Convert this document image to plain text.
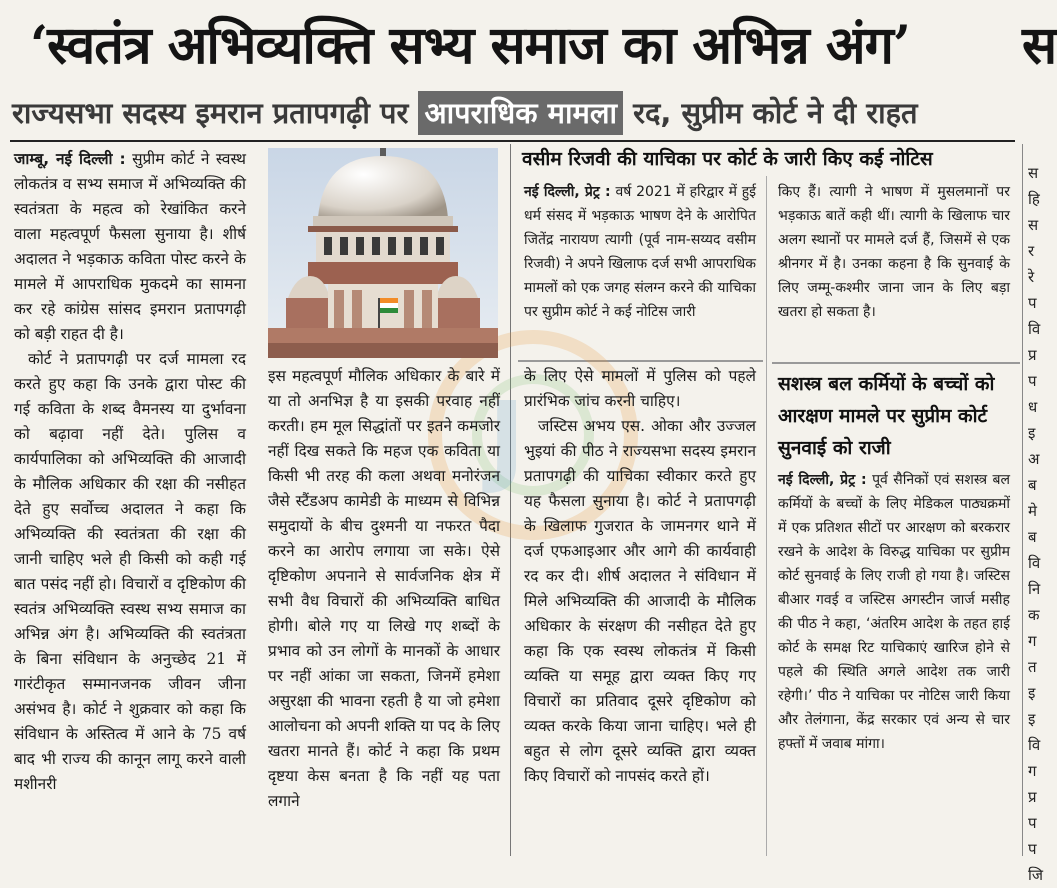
‘स्वतंत्र अभिव्यक्ति सभ्य समाज का अभिन्न अंग’	स
राज्यसभा सदस्य इमरान प्रतापगढ़ी पर आपराधिक मामला रद, सुप्रीम कोर्ट ने दी राहत
J

जाम्बू, नई दिल्ली : सुप्रीम कोर्ट ने स्वस्थ लोकतंत्र व सभ्य समाज में अभिव्यक्ति की स्वतंत्रता के महत्व को रेखांकित करने वाला महत्वपूर्ण फैसला सुनाया है। शीर्ष अदालत ने भड़काऊ कविता पोस्ट करने के मामले में आपराधिक मुकदमे का सामना कर रहे कांग्रेस सांसद इमरान प्रतापगढ़ी को बड़ी राहत दी है।

कोर्ट ने प्रतापगढ़ी पर दर्ज मामला रद करते हुए कहा कि उनके द्वारा पोस्ट की गई कविता के शब्द वैमनस्य या दुर्भावना को बढ़ावा नहीं देते। पुलिस व कार्यपालिका को अभिव्यक्ति की आजादी के मौलिक अधिकार की रक्षा की नसीहत देते हुए सर्वोच्च अदालत ने कहा कि अभिव्यक्ति की स्वतंत्रता की रक्षा की जानी चाहिए भले ही किसी को कही गई बात पसंद नहीं हो। विचारों व दृष्टिकोण की स्वतंत्र अभिव्यक्ति स्वस्थ सभ्य समाज का अभिन्न अंग है। अभिव्यक्ति की स्वतंत्रता के बिना संविधान के अनुच्छेद 21 में गारंटीकृत सम्मानजनक जीवन जीना असंभव है। कोर्ट ने शुक्रवार को कहा कि संविधान के अस्तित्व में आने के 75 वर्ष बाद भी राज्य की कानून लागू करने वाली मशीनरी

इस महत्वपूर्ण मौलिक अधिकार के बारे में या तो अनभिज्ञ है या इसकी परवाह नहीं करती। हम मूल सिद्धांतों पर इतने कमजोर नहीं दिख सकते कि महज एक कविता या किसी भी तरह की कला अथवा मनोरंजन जैसे स्टैंडअप कामेडी के माध्यम से विभिन्न समुदायों के बीच दुश्मनी या नफरत पैदा करने का आरोप लगाया जा सके। ऐसे दृष्टिकोण अपनाने से सार्वजनिक क्षेत्र में सभी वैध विचारों की अभिव्यक्ति बाधित होगी। बोले गए या लिखे गए शब्दों के प्रभाव को उन लोगों के मानकों के आधार पर नहीं आंका जा सकता, जिनमें हमेशा असुरक्षा की भावना रहती है या जो हमेशा आलोचना को अपनी शक्ति या पद के लिए खतरा मानते हैं। कोर्ट ने कहा कि प्रथम दृष्टया केस बनता है कि नहीं यह पता लगाने

के लिए ऐसे मामलों में पुलिस को पहले प्रारंभिक जांच करनी चाहिए।

जस्टिस अभय एस. ओका और उज्जल भुइयां की पीठ ने राज्यसभा सदस्य इमरान प्रतापगढ़ी की याचिका स्वीकार करते हुए यह फैसला सुनाया है। कोर्ट ने प्रतापगढ़ी के खिलाफ गुजरात के जामनगर थाने में दर्ज एफआइआर और आगे की कार्यवाही रद कर दी। शीर्ष अदालत ने संविधान में मिले अभिव्यक्ति की आजादी के मौलिक अधिकार के संरक्षण की नसीहत देते हुए कहा कि एक स्वस्थ लोकतंत्र में किसी व्यक्ति या समूह द्वारा व्यक्त किए गए विचारों का प्रतिवाद दूसरे दृष्टिकोण को व्यक्त करके किया जाना चाहिए। भले ही बहुत से लोग दूसरे व्यक्ति द्वारा व्यक्त किए विचारों को नापसंद करते हों।

वसीम रिजवी की याचिका पर कोर्ट के जारी किए कई नोटिस

नई दिल्ली, प्रेट्र : वर्ष 2021 में हरिद्वार में हुई धर्म संसद में भड़काऊ भाषण देने के आरोपित जितेंद्र नारायण त्यागी (पूर्व नाम-सय्यद वसीम रिजवी) ने अपने खिलाफ दर्ज सभी आपराधिक मामलों को एक जगह संलग्न करने की याचिका पर सुप्रीम कोर्ट ने कई नोटिस जारी

किए हैं। त्यागी ने भाषण में मुसलमानों पर भड़काऊ बातें कही थीं। त्यागी के खिलाफ चार अलग स्थानों पर मामले दर्ज हैं, जिसमें से एक श्रीनगर में है। उनका कहना है कि सुनवाई के लिए जम्मू-कश्मीर जाना जान के लिए बड़ा खतरा हो सकता है।

सशस्त्र बल कर्मियों के बच्चों को आरक्षण मामले पर सुप्रीम कोर्ट सुनवाई को राजी

नई दिल्ली, प्रेट्र : पूर्व सैनिकों एवं सशस्त्र बल कर्मियों के बच्चों के लिए मेडिकल पाठ्यक्रमों में एक प्रतिशत सीटों पर आरक्षण को बरकरार रखने के आदेश के विरुद्ध याचिका पर सुप्रीम कोर्ट सुनवाई के लिए राजी हो गया है। जस्टिस बीआर गवई व जस्टिस अगस्टीन जार्ज मसीह की पीठ ने कहा, ‘अंतरिम आदेश के तहत हाई कोर्ट के समक्ष रिट याचिकाएं खारिज होने से पहले की स्थिति अगले आदेश तक जारी रहेगी।’ पीठ ने याचिका पर नोटिस जारी किया और तेलंगाना, केंद्र सरकार एवं अन्य से चार हफ्तों में जवाब मांगा।

स
हि
स
र
रे
प
वि
प्र
प
ध
इ
अ
ब
मे
ब
वि
नि
क
ग
त
इ
इ
वि
ग
प्र
प
प
जि
